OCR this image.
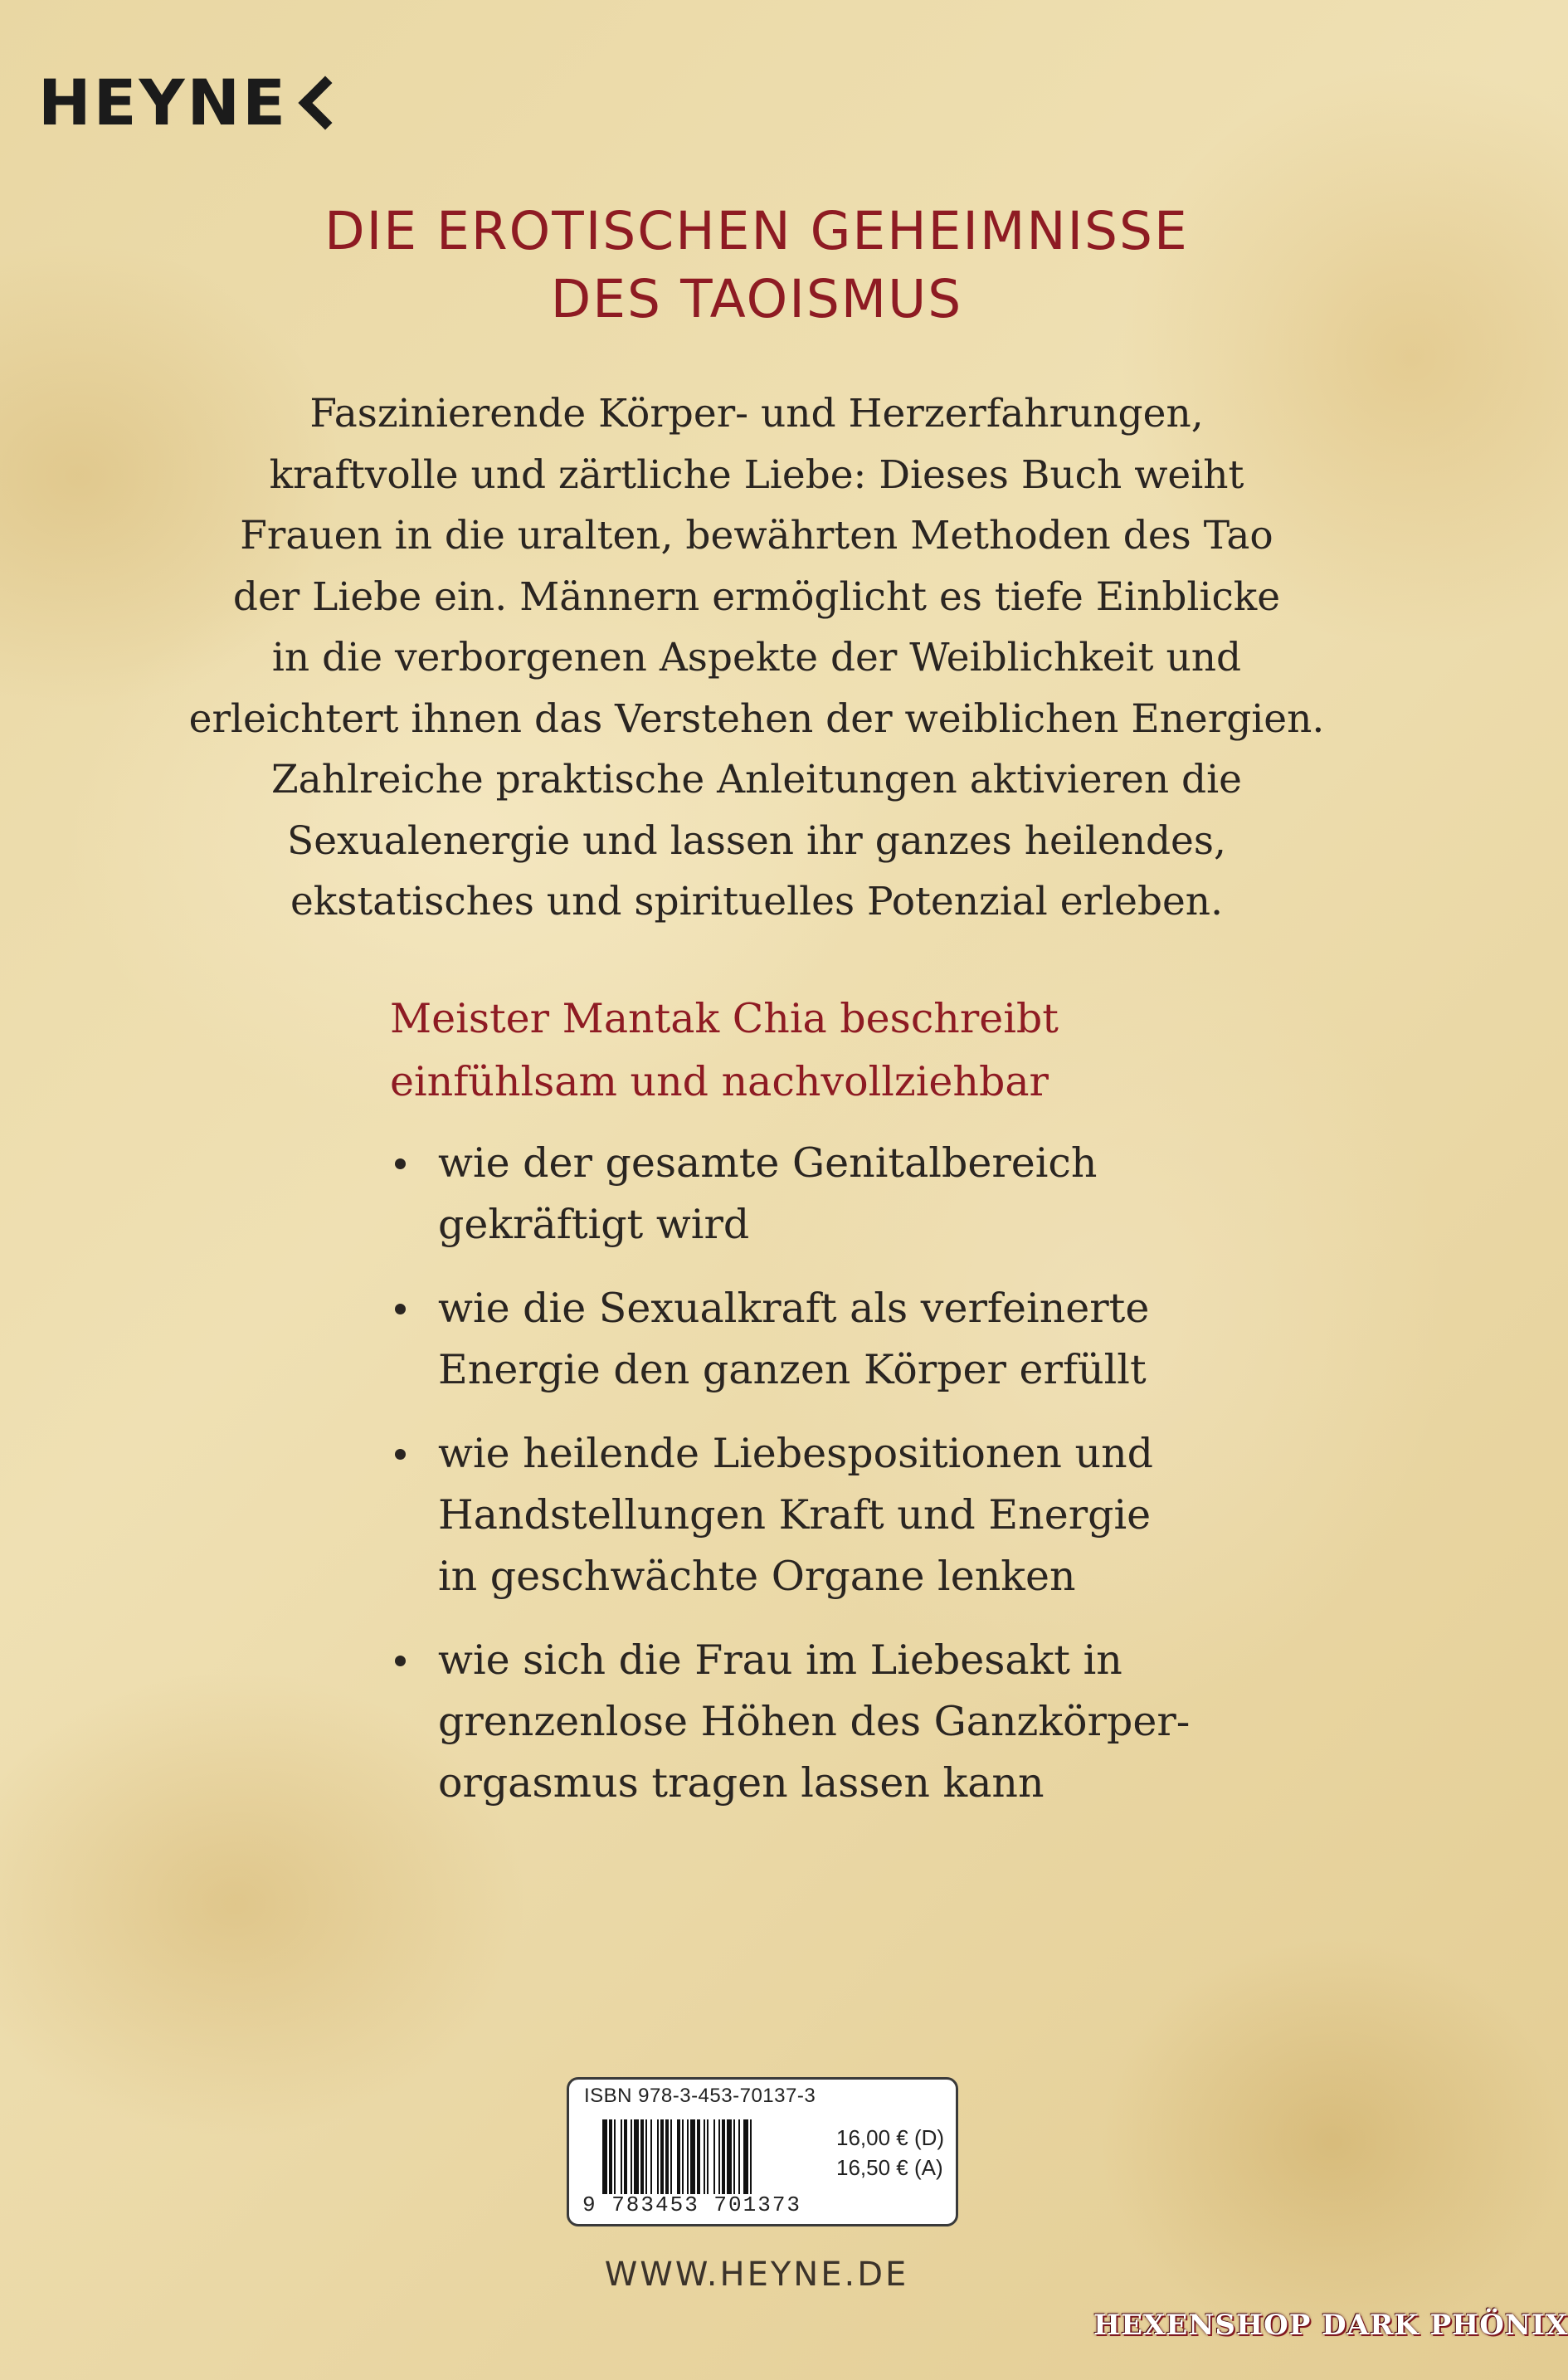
HEYNE
DIE EROTISCHEN GEHEIMNISSE
DES TAOISMUS
Faszinierende Körper- und Herzerfahrungen,
kraftvolle und zärtliche Liebe: Dieses Buch weiht
Frauen in die uralten, bewährten Methoden des Tao
der Liebe ein. Männern ermöglicht es tiefe Einblicke
in die verborgenen Aspekte der Weiblichkeit und
erleichtert ihnen das Verstehen der weiblichen Energien.
Zahlreiche praktische Anleitungen aktivieren die
Sexualenergie und lassen ihr ganzes heilendes,
ekstatisches und spirituelles Potenzial erleben.
Meister Mantak Chia beschreibt
einfühlsam und nachvollziehbar
wie der gesamte Genitalbereich
gekräftigt wird
wie die Sexualkraft als verfeinerte
Energie den ganzen Körper erfüllt
wie heilende Liebespositionen und
Handstellungen Kraft und Energie
in geschwächte Organe lenken
wie sich die Frau im Liebesakt in
grenzenlose Höhen des Ganzkörper-
orgasmus tragen lassen kann
ISBN 978-3-453-70137-3
9 783453 701373
16,00 € (D)
16,50 € (A)
WWW.HEYNE.DE
HEXENSHOP DARK PHÖNIX
